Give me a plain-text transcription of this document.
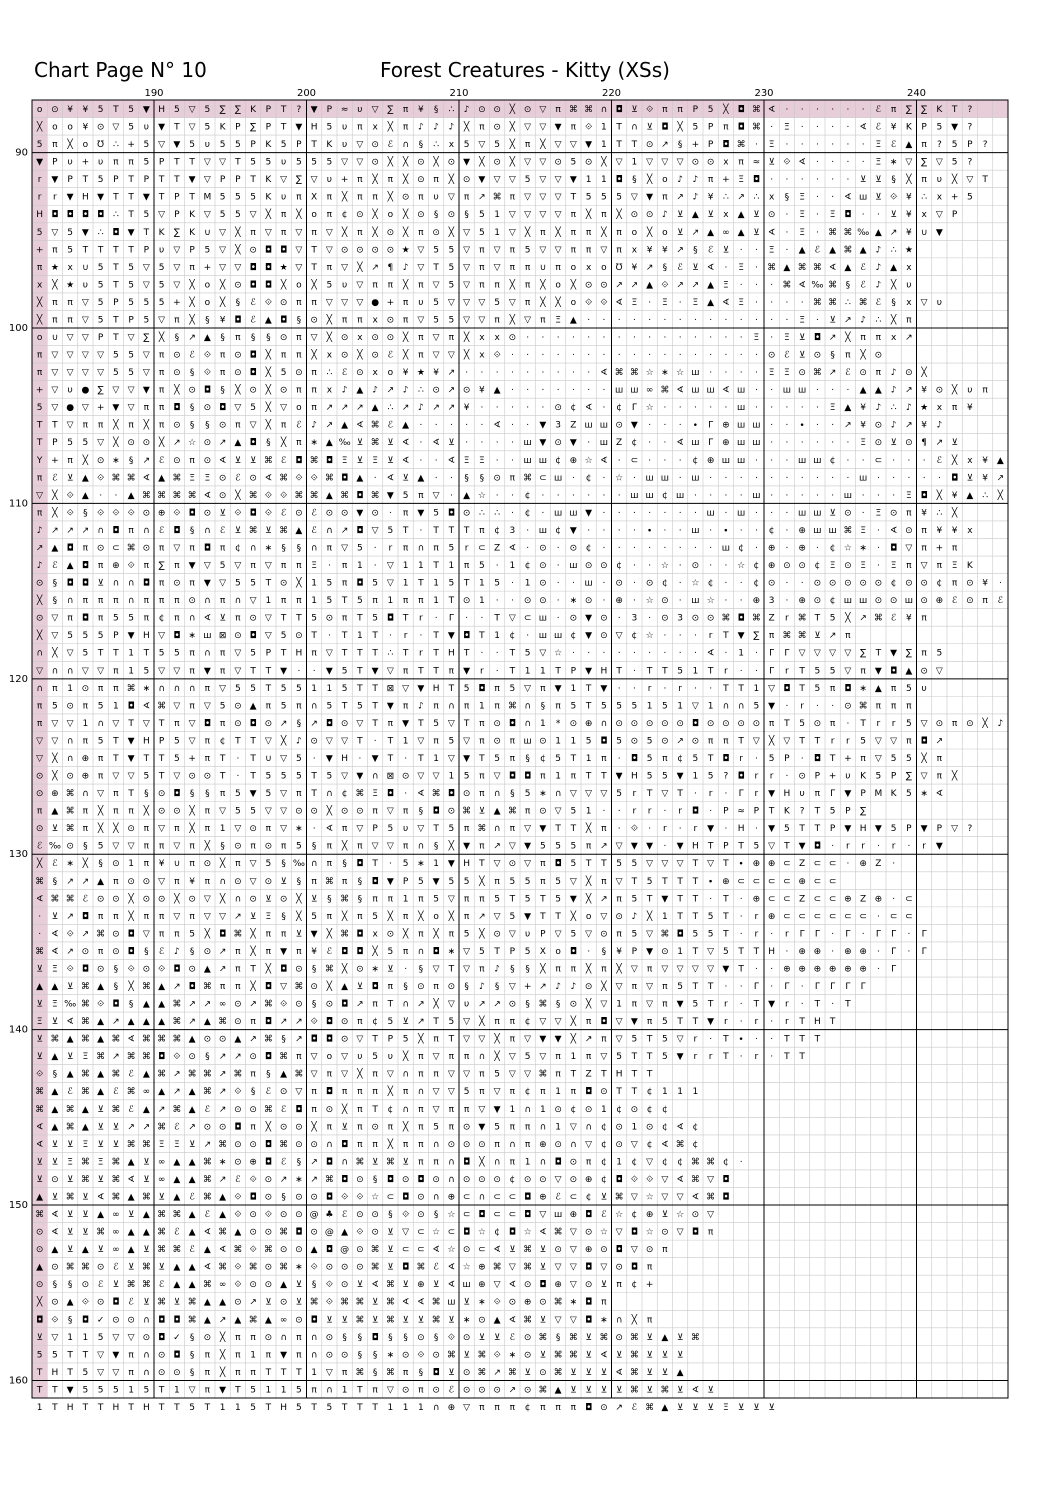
Chart Page N° 10	Forest Creatures - Kitty (XSs)
190	200	210	220	230	240
90
100
110
120
130
140
150
160
o ⊙ ¥ ¥ 5 T 5 ▼ H 5 ▽ 5 ∑ ∑ K P T ? ▼ P ≈ υ ▽ ∑ π ¥ § ∴ ♪ ⊙ ⊙ ╳ ⊙ ▽ π ⌘ ⌘ ∩ ◘ ⊻ ⟐ π π P 5 ╳ ◘ ⌘ ∢ · · · · · · ℰ π ∑ ∑ K T ?
╳ o o ¥ ⊙ ▽ 5 υ ▼ T ▽ 5 K P ∑ P T ▼ H 5 υ π x ╳ π ♪ ♪ ♪ ╳ π ⊙ ╳ ▽ ▽ ▼ π ⟐ 1 T ∩ ⊻ ◘ ╳ 5 P π ◘ ⌘ · Ξ · · · · ∢ ℰ ¥ K P 5 ▼ ?
5 π ╳ o ℧ ∴ + 5 ▽ ▼ 5 υ 5 5 P K 5 P T K υ ▽ ⊙ ℰ ∩ § ∴ x 5 ▽ 5 ╳ π ╳ ▽ ▽ ▼ 1 T T ⊙ ↗ § + P ◘ ⌘ · Ξ · · · · · · Ξ ℰ ▲ π ? 5 P ?
▼ P υ + υ π π 5 P T T ▽ ▽ T 5 5 υ 5 5 5 ▽ ▽ ⊙ ╳ ╳ ⊙ ╳ ⊙ ▼ ╳ ⊙ ╳ ▽ ▽ ⊙ 5 ⊙ ╳ ▽ 1 ▽ ▽ ▽ ⊙ ⊙ x π ≈ ⊻ ⟐ ∢ · · · · Ξ ∗ ▽ ∑ ▽ 5 ?
r ▼ P T 5 P T P T T ▼ ▽ P P T K ▽ ∑ ▽ υ + π ╳ π ╳ ⊙ π ╳ ⊙ ▼ ▽ ▽ 5 ▽ ▽ ▼ 1 1 ◘ § ╳ o ♪ ♪ π + Ξ ◘ · · · · · · ⊻ ⊻ § ╳ π υ ╳ ▽ T
r r ▼ H ▼ T T ▼ T P T M 5 5 5 K υ π X π ╳ π π ╳ ⊙ π υ ▽ π ↗ ⌘ π ▽ ▽ ▽ T 5 5 5 ▽ ▼ π ↗ ♪ ¥ ∴ ↗ ∴ x § Ξ · · ∢ ш ⊻ ⟐ ¥ ∴ x + 5
H ◘ ◘ ◘ ◘ ∴ T 5 ▽ P K ▽ 5 5 ▽ ╳ π ╳ o π ¢ ⊙ ╳ o ╳ ⊙ § ⊙ § 5 1 ▽ ▽ ▽ ▽ π ╳ π ╳ ⊙ ⊙ ♪ ⊻ ▲ ⊻ x ▲ ⊻ ⊙ · Ξ · Ξ ◘ · · ⊻ ¥ x ▽ P
5 ▽ 5 ▼ ∴ ◘ ▼ T K ∑ K ∪ ▽ ╳ π ▽ π ▽ π ▽ ╳ π ╳ ⊙ ╳ π ⊙ ╳ ▽ 5 1 ▽ ╳ π ╳ π π ╳ π o ╳ o ⊻ ↗ ▲ ∞ ▲ ⊻ ∢ · Ξ · ⌘ ⌘ ‰ ▲ ↗ ¥ ∪ ▼
+ π 5 T T T T P υ ▽ P 5 ▽ ╳ ⊙ ◘ ◘ ▽ T ▽ ⊙ ⊙ ⊙ ⊙ ★ ▽ 5 5 ▽ π ▽ π 5 ▽ ▽ π π ▽ π x ¥ ¥ ↗ § ℰ ⊻ · · Ξ · ▲ ℰ ▲ ⌘ ▲ ♪ ∴ ★
π ★ x ∪ 5 T 5 ▽ 5 ▽ π + ▽ ▽ ◘ ◘ ★ ▽ T π ▽ ╳ ↗ ¶ ♪ ▽ T 5 ▽ π ▽ π π ∪ π o x o ℧ ¥ ↗ § ℰ ⊻ ∢ · Ξ · ⌘ ▲ ⌘ ⌘ ∢ ▲ ℰ ♪ ▲ x
x ╳ ★ υ 5 T 5 ▽ 5 ▽ ╳ o ╳ ⊙ ◘ ◘ ╳ o ╳ 5 υ ▽ π π ╳ π ▽ 5 ▽ π π ╳ π ╳ o ╳ ⊙ ⊙ ↗ ↗ ▲ ⟐ ↗ ↗ ▲ Ξ · · · ⌘ ∢ ‰ ⌘ § ℰ ♪ ╳ υ
╳ π π ▽ 5 P 5 5 5 + ╳ o ╳ § ℰ ⟐ ⊙ π π ▽ ▽ ▽ ● + π υ 5 ▽ ▽ ▽ 5 ▽ π ╳ ╳ o ⟐ ⟐ ∢ Ξ · Ξ · Ξ ▲ ∢ Ξ · · · · ⌘ ⌘ ∴ ⌘ ℰ § x ▽ υ
╳ π π ▽ 5 T P 5 ▽ π ╳ § ¥ ◘ ℰ ▲ ◘ § ⊙ ╳ π π x ⊙ π ▽ 5 5 ▽ ▽ π ╳ ▽ π Ξ ▲ · · · · · · · · · · · · · · Ξ · ⊻ ↗ ♪ ∴ ╳ π
o ∪ ▽ ▽ P T ▽ ∑ ╳ § ↗ ▲ § π § § ⊙ π ▽ ╳ ⊙ x ⊙ ⊙ ╳ π ▽ π ╳ x x ⊙ · · · · · · · · · · · · · · · Ξ · Ξ ⊻ ◘ ↗ ╳ π π x ↗
π ▽ ▽ ▽ ▽ 5 5 ▽ π ⊙ ℰ ⟐ π ⊙ ◘ ╳ π π ╳ x ⊙ ╳ ⊙ ℰ ╳ π ▽ ▽ ╳ x ⟐ · · · · · · · · · · · · · · · · · ⊙ ℰ ⊻ ⊙ § π ╳ ⊙
π ▽ ▽ ▽ ▽ 5 5 ▽ π ⊙ § ⟐ π ⊙ ◘ ╳ 5 ⊙ π ∴ ℰ ⊙ x o ¥ ★ ¥ ↗ · · · · · · · · · ∢ ⌘ ⌘ ☆ ∗ ☆ ш · · · · Ξ Ξ ⊙ ⌘ ↗ ℰ ⊙ π ♪ ⊙ ╳
+ ▽ υ ● ∑ ▽ ▽ ▼ π ╳ ⊙ ◘ § ╳ ⊙ ╳ ⊙ π π x ♪ ▲ ♪ ↗ ♪ ∴ ⊙ ↗ ⊙ ¥ ▲ · · · · · · · ш ш ∞ ⌘ ∢ ш ш ∢ ш · · ш ш · · · ▲ ▲ ♪ ↗ ¥ ⊙ ╳ υ π
5 ▽ ● ▽ + ▼ ▽ π π ◘ § ⊙ ◘ ▽ 5 ╳ ▽ o π ↗ ↗ ↗ ▲ ∴ ↗ ♪ ↗ ↗ ¥ · · · · · ⊙ ¢ ∢ · ¢ Γ ☆ · · · · · ш · · · · · Ξ ▲ ¥ ♪ ∴ ♪ ★ x π ¥
T T ▽ π π ╳ π ╳ π ⊙ § § ⊙ π ▽ ╳ π ℰ ♪ ↗ ▲ ∢ ⌘ ℰ ▲ · · · · · ∢ · · ▼ 3 Z ш ш ⊙ ▼ · · · ∙ Γ ⊕ ш ш · · ∙ · · ↗ ¥ ⊙ ♪ ↗ ¥ ♪
T P 5 5 ▽ ╳ ⊙ ⊙ ╳ ↗ ☆ ⊙ ↗ ▲ ◘ § ╳ π ∗ ▲ ‰ ⊻ ⌘ ⊻ ∢ · ∢ ⊻ · · · · ш ▼ ⊙ ▼ · ш Z ¢ · · ∢ ш Γ ⊕ ш ш · · · · · · Ξ ⊙ ⊻ ⊙ ¶ ↗ ⊻
Υ + π ╳ ⊙ ∗ § ↗ ℰ ⊙ π ⊙ ∢ ⊻ ⊻ ⌘ ℰ ◘ ⌘ ◘ Ξ ⊻ Ξ ⊻ ∢ · · ∢ Ξ Ξ · · ш ш ¢ ⊕ ☆ ∢ · ⊂ · · · ¢ ⊕ ш ш · · · ш ш ¢ · · ⊂ · · · ℰ ╳ x ¥ ▲
π ℰ ⊻ ▲ ⟐ ⌘ ⌘ ∢ ▲ ⌘ Ξ Ξ ⊙ ℰ ⊙ ∢ ⌘ ⟐ ⟐ ⌘ ◘ ▲ · ∢ ⊻ ▲ · · § § ⊙ π ⌘ ⊂ ш · ¢ · ☆ · ш ш · ш · · · · · · · · · · ш · · · · · ◘ ⊻ ¥ ↗
▽ ╳ ⟐ ▲ · · ▲ ⌘ ⌘ ⌘ ⌘ ∢ ⊙ ╳ ⌘ ⟐ ⟐ ⌘ ⌘ ▲ ⌘ ◘ ⌘ ▼ 5 π ▽ · ▲ ☆ · · ¢ · · · · · · ш ш ¢ ш · · · · ш · · · · · ш · · · Ξ ◘ ╳ ¥ ▲ ∴ ╳
π ╳ ⟐ § ⟐ ⟐ ⟐ ⊙ ⊕ ⟐ ◘ ⊙ ⊻ ⟐ ◘ ⟐ ℰ ⊙ ℰ ⊙ ⊙ ▼ ⊙ · π ▼ 5 ◘ ⊙ ∴ ∴ · ¢ · ш ш ▼ · · · · · · · ш · ш · · · ш ш ⊻ ⊙ · Ξ ⊙ π ¥ ∴ ╳
♪ ↗ ↗ ↗ ∩ ◘ π ∩ ℰ ◘ § ∩ ℰ ⊻ ⌘ ⊻ ⌘ ▲ ℰ ∩ ↗ ◘ ▽ 5 T · T T T π ¢ 3 · ш ¢ ▼ · · · · ∙ · · ш · ∙ · · ¢ · ⊕ ш ш ⌘ Ξ · ∢ ⊙ π ¥ ¥ x
↗ ▲ ◘ π ⊙ ⊂ ⌘ ⊙ π ▽ π ◘ π ¢ ∩ ∗ § § ∩ π ▽ 5 · r π ∩ π 5 r ⊂ Z ∢ · ⊙ · ⊙ ¢ · · · · · · · · ш ¢ · ⊕ · ⊕ · ¢ ☆ ∗ · ◘ ▽ π + π
♪ ℰ ▲ ◘ π ⊕ ⟐ π ∑ π ▼ ▽ 5 ▽ π ▽ π π Ξ · π 1 · ▽ 1 1 T 1 π 5 · 1 ¢ ⊙ · ш ⊙ ⊙ ¢ · · ☆ · ⊙ · · ☆ ¢ ⊕ ⊙ ⊙ ¢ Ξ ⊙ Ξ · Ξ π ▽ π Ξ K
⊙ § ◘ ◘ ⊻ ∩ ∩ ◘ π ⊙ π ▼ ▽ 5 5 T ⊙ ╳ 1 5 π ◘ 5 ▽ 1 T 1 5 T 1 5 · 1 ⊙ · · ш · ⊙ · ⊙ ¢ · ☆ ¢ · · ¢ ⊙ · · ⊙ ⊙ ⊙ ⊙ ⊙ ¢ ⊙ ⊙ ¢ π ⊙ ¥ ·
╳ § ∩ π π π ∩ π π π ⊙ ∩ π ∩ ▽ 1 π π 1 5 T 5 π 1 π π 1 T ⊙ 1 · · ⊙ ⊙ · ∗ ⊙ · ⊕ · ☆ ⊙ · ш ☆ · · ⊕ 3 · ⊕ ⊙ ¢ ш ш ⊙ ⊙ ш ⊙ ⊕ ℰ ⊙ π ℰ
⊙ ▽ π ◘ π 5 5 π ¢ π ∩ ∢ ⊻ π ⊙ ▽ T T 5 ⊙ π T 5 ◘ T r · Γ · · T ▽ ⊂ ш · ⊙ ▼ ⊙ · 3 · ⊙ 3 ⊙ ⊙ ⌘ ◘ ⌘ Z r ⌘ T 5 ╳ ↗ ⌘ ℰ ¥ π
╳ ▽ 5 5 5 P ▼ H ▽ ◘ ∗ ш ⊠ ⊙ ◘ ▽ 5 ⊙ T · T 1 T · r · T ▼ ◘ T 1 ¢ · ш ш ¢ ▼ ⊙ ▽ ¢ ☆ · · · r T ▼ ∑ π ⌘ ⌘ ⊻ ↗ π
∩ ╳ ▽ 5 T T 1 T 5 5 π ∩ π ▽ 5 P T H π ▽ T T T ∴ T r T H T · · T 5 ▽ ☆ · · · · · · · · · ∢ · 1 · Γ Γ ▽ ▽ ▽ ▽ ∑ T ▼ ∑ π 5
▽ ∩ ∩ ▽ ▽ π 1 5 ▽ ▽ π ▼ π ▽ T T ▼ · · ▼ 5 T ▼ ▽ π T T π ▼ r · T 1 1 T P ▼ H T · T T 5 1 T r · · Γ r T 5 5 ▽ π ▼ ◘ ▲ ⊙ ▽
∩ π 1 ⊙ π π ⌘ ∗ ∩ ∩ ∩ π ▽ 5 5 T 5 5 1 1 5 T T ⊠ ▽ ▼ H T 5 ◘ π 5 ▽ π ▼ 1 T ▼ · · r · r · · T T 1 ▽ ◘ T 5 π ◘ ∗ ▲ π 5 υ
π 5 ⊙ π 5 1 ◘ ∢ ⌘ ▽ π ▽ 5 ⊙ ▲ π 5 π ∩ 5 T 5 T ▼ π ♪ π ∩ π 1 π ⌘ ∩ § π 5 T 5 5 5 1 5 1 ▽ 1 ∩ ∩ 5 ▼ · r · · ⊙ ⌘ π π π
π ▽ ▽ 1 ∩ ▽ T ▽ T π ▽ ◘ π ⊙ ◘ ⊙ ↗ § ↗ ◘ ⊙ ▽ T π ▼ T 5 ▽ T π ⊙ ◘ ∩ 1 * ⊙ ⊕ ∩ ⊙ ⊙ ⊙ ⊙ ⊙ ◘ ⊙ ⊙ ⊙ ⊙ π T 5 ⊙ π · T r r 5 ▽ ⊙ π ⊙ ╳ ♪
▽ ▽ ∩ π 5 T ▼ H P 5 ▽ π ¢ T T ▽ ╳ ♪ ⊙ ▽ ▽ T · T 1 ▽ π 5 ▽ π ⊙ π ш ⊙ 1 1 5 ◘ 5 ⊙ 5 ⊙ ↗ ⊙ π π T ▽ ╳ ▽ T T r r 5 ▽ ▽ π ◘ ↗
▽ ╳ ∩ ⊕ π T ▼ T T 5 + π T · T ∪ ▽ 5 · ▼ H · ▼ T · T 1 ▽ ▼ T 5 π § ¢ 5 T 1 π · ◘ 5 π ¢ 5 T ◘ r · 5 P · ◘ T + π ▽ 5 5 ╳ π
⊙ ╳ ⊙ ⊕ π ▽ ▽ 5 T ▽ ⊙ ⊙ T · T 5 5 5 T 5 ▽ ▼ ∩ ⊠ ⊙ ▽ ▽ 1 5 π ▽ ◘ ◘ π 1 π T T ▼ H 5 5 ▼ 1 5 ? ◘ r r · ⊙ P + υ K 5 P ∑ ▽ π ╳
⊙ ⊕ ⌘ ∩ ▽ π T § ⊙ ◘ § § π 5 ▼ 5 ▽ π T ∩ ¢ ⌘ Ξ ◘ · ∢ ⌘ ◘ ⊙ π ∩ § 5 ∗ ∩ ▽ ▽ ▽ 5 r T ▽ T · r · Γ r ▼ H υ π Γ ▼ P M K 5 ∗ ∢
π ▲ ⌘ π ╳ π π ╳ ⊙ ⊙ ╳ π ▽ 5 5 ▽ ▽ ⊙ ⊙ ╳ ⊙ ⊙ π ▽ π § ◘ ⊙ ⌘ ⊻ ▲ ⌘ π ⊙ ▽ 5 1 · · r r · r ◘ · P ≈ P T K ? T 5 P ∑
⊙ ⊻ ⌘ π ╳ ╳ ⊙ π ▽ π ╳ π 1 ▽ ⊙ π ▽ ∗ · ∢ π ▽ P 5 υ ▽ T 5 π ⌘ ∩ π ▽ ▼ T T ╳ π · ⟐ · r · r ▼ · H · ▼ 5 T T P ▼ H ▼ 5 P ▼ P ▽ ?
ℰ ‰ ⊙ § 5 ▽ ▽ π π ▽ π ╳ § ⊙ π ⊙ π 5 § π ╳ π ▽ ▽ π ∩ § ╳ ▼ π ↗ ▽ ▼ 5 5 5 π ↗ ▽ ▼ ▼ · ▼ H T P T 5 ▽ T ▼ ◘ · r r · r · r ▼
╳ ℰ ∗ ╳ § ⊙ 1 π ¥ ∪ π ⊙ ╳ π ▽ 5 § ‰ ∩ π § ◘ T · 5 ∗ 1 ▼ H T ▽ ⊙ ▽ π ◘ 5 T T 5 5 ▽ ▽ ▽ T ▽ T ∙ ⊕ ⊕ ⊂ Z ⊂ ⊂ · ⊕ Z ·
⌘ § ↗ ↗ ▲ π ⊙ ⊙ ▽ π ¥ π ∩ ⊙ ▽ ⊙ ⊻ § π ⌘ π § ◘ ▼ P 5 ▼ 5 5 ╳ π 5 5 π 5 ▽ ╳ π ▽ T 5 T T T ∙ ⊕ ⊂ ⊂ ⊂ ⊂ ⊕ ⊂ ⊂
∢ ⌘ ⌘ ℰ ⊙ ⊙ ╳ ⊙ ⊙ ╳ ⊙ ▽ ╳ ∩ ⊙ ⊻ ⊙ ╳ ⊻ § ⌘ § π π 1 π 5 ▽ π π 5 T 5 T 5 ▼ ╳ ↗ π 5 T ▼ T T · T · ⊕ ⊂ ⊂ Z ⊂ ⊂ ⊕ Z ⊕ · ⊂
· ⊻ ↗ ◘ π π ╳ π π ▽ π ▽ ▽ ↗ ⊻ Ξ § ╳ 5 π ╳ π 5 ╳ π ╳ o ╳ π ↗ ▽ 5 ▼ T T ╳ o ▽ ⊙ ♪ ╳ 1 T T 5 T · r ⊕ ⊂ ⊂ ⊂ ⊂ ⊂ ⊂ · ⊂ ⊂
· ∢ ⟐ ↗ ⌘ ⊙ ◘ ▽ π π 5 ╳ ◘ ⌘ ╳ π π ⊻ ▼ ╳ ⌘ ◘ x ⊙ ╳ π ╳ π 5 ╳ ⊙ ▽ υ P ▽ 5 ▽ ⊙ π 5 ▽ ⌘ ◘ 5 5 T · r · r Γ Γ · Γ · Γ Γ · Γ
⌘ ∢ ↗ ⊙ π ⊙ ◘ § ℰ ♪ § ⊙ ↗ π ╳ π ▼ π ¥ ℰ ◘ ◘ ╳ 5 π ∩ ◘ ∗ ▽ 5 T P 5 X o ◘ · § ¥ P ▼ ⊙ 1 T ▽ 5 T T H · ⊕ ⊕ · ⊕ ⊕ · Γ · Γ
⊻ Ξ ⟐ ◘ ⊙ § ⟐ ⊙ ⟐ ◘ ⊙ ▲ ↗ π T ╳ ◘ ⊙ § ⌘ ╳ ⊙ ∗ ⊻ · § ▽ T ▽ π ♪ § § ╳ π π ╳ π ╳ ▽ π ▽ ▽ ▽ ▽ ▼ T · · ⊕ ⊕ ⊕ ⊕ ⊕ ⊕ · Γ
▲ ▲ ⊻ ⌘ ▲ § ╳ ⌘ ▲ ↗ ◘ ⌘ π π ╳ ◘ ▽ ⌘ ⊙ ╳ ▲ ⊻ ◘ π § ⊙ π ⊙ § ♪ § ▽ + ↗ ♪ ♪ ⊙ ╳ ▽ π ▽ π 5 T T · · Γ · Γ · Γ Γ Γ Γ
⊻ Ξ ‰ ⌘ ⟐ ◘ § ▲ ▲ ⌘ ↗ ↗ ∞ ⊙ ↗ ⌘ ⟐ ⊙ § ⊙ ◘ ↗ π T ∩ ↗ ╳ ▽ υ ↗ ↗ ⊙ § ⌘ § ⊙ ╳ ▽ 1 π ▽ π ▼ 5 T r · T ▼ r · T · T
Ξ ⊻ ∢ ⌘ ▲ ↗ ▲ ▲ ▲ ⌘ ↗ ▲ ⌘ ⊙ π ◘ ↗ ↗ ⟐ ◘ ⊙ π ¢ 5 ⊻ ↗ T 5 ▽ ╳ π π ¢ ▽ ▽ ╳ π ◘ ▽ ▼ π 5 T T ▼ r · r · r T H T
⊻ ⌘ ▲ ⌘ ▲ ⌘ ∢ ⌘ ⌘ ⌘ ▲ ⊙ ⊙ ▲ ↗ ⌘ § ↗ ◘ ◘ ⊙ ▽ T P 5 ╳ π T ▽ ▽ ╳ π ▽ ▼ ▼ ╳ ↗ π ▽ 5 T 5 ▽ r · T ∙ · · T T T
⊻ ▲ ⊻ Ξ ⌘ ↗ ⌘ ⌘ ◘ ⟐ ⊙ § ↗ ↗ ⊙ ◘ ⌘ π ▽ ο ▽ υ 5 υ ╳ π ▽ π π ∩ ╳ ▽ 5 ▽ π 1 π ▽ 5 T T 5 ▼ r r T · r · T T
⟐ § ▲ ⌘ ▲ ⌘ ℰ ▲ ⌘ ↗ ⌘ ⌘ ↗ ⌘ π § ▲ ⌘ ▽ π ▽ ╳ π ▽ ∩ π π ▽ ▽ π 5 ▽ ▽ ⌘ π T Z T H T T
⌘ ▲ ℰ ⌘ ▲ ℰ ⌘ ∞ ▲ ↗ ▲ ⌘ ↗ ⟐ § ℰ ⊙ ▽ π ◘ π π π ╳ π ∩ ▽ ▽ 5 π ▽ π ¢ π 1 π ◘ ⊙ T T ¢ 1 1 1
⌘ ▲ ⌘ ▲ ⊻ ⌘ ℰ ▲ ↗ ⌘ ▲ ℰ ↗ ⊙ ⊙ ⌘ ℰ ◘ π ⊙ ╳ π T ¢ ∩ π ▽ π π ▽ ▼ 1 ∩ 1 ⊙ ¢ ⊙ 1 ¢ ⊙ ¢ ¢
∢ ▲ ⌘ ▲ ⊻ ⊻ ↗ ↗ ⌘ ℰ ↗ ⊙ ⊙ ◘ π ╳ ⊙ ⊙ ╳ π ⊻ π ⊙ π ╳ π 5 π ⊙ ▼ 5 π π ∩ 1 ▽ ∩ ¢ ⊙ 1 ⊙ ¢ ∢ ¢
∢ ⊻ ⊻ Ξ ⊻ ⊻ ⌘ ⌘ Ξ Ξ ⊻ ↗ ⌘ ⊙ ⊙ ◘ ⌘ ⊙ ⊙ ∩ ◘ π π ╳ π π ∩ ⊙ ⊙ ⊙ π ∩ π ⊕ ⊙ ∩ ▽ ¢ ⊙ ▽ ¢ ∢ ⌘ ¢
⊻ ⊻ Ξ ⌘ Ξ ⌘ ▲ ⊻ ∞ ▲ ▲ ⌘ ∗ ⊙ ⊕ ◘ ℰ § ↗ ◘ ∩ ⌘ ⊻ ⌘ ⊻ π π ∩ ◘ ╳ ∩ π 1 ∩ ◘ ⊙ π ¢ 1 ¢ ▽ ¢ ¢ ⌘ ⌘ ¢ ·
⊻ ⊙ ⊻ ⌘ ⊻ ⌘ ∢ ⊻ ∞ ▲ ▲ ⌘ ↗ ℰ ⟐ ⊙ ↗ ∗ ↗ ⌘ ◘ ⊙ § ◘ ⊙ ◘ ⊙ ∩ ⊙ ⊙ ⊙ ¢ ⊙ ⊙ ▽ ⊙ ⊕ ¢ ◘ ⟐ ⟐ ▽ ∢ ⌘ ▽ ◘
▲ ⊻ ⌘ ⊻ ∢ ⌘ ▲ ⌘ ⊻ ▲ ℰ ⌘ ▲ ⟐ ◘ ⊙ § ⊙ ⊙ ◘ ⟐ ⟐ ☆ ⊂ ◘ ⊙ ∩ ⊕ ⊂ ∩ ⊂ ⊂ ◘ ⊕ ℰ ⊂ ¢ ⊻ ⌘ ▽ ☆ ▽ ▽ ∢ ⌘ ◘
⌘ ∢ ⊻ ⊻ ▲ ∞ ⊻ ▲ ⌘ ⌘ ▲ ℰ ▲ ⟐ ⊙ ⟐ ⊙ ⊙ @ ♣ ℰ ⊙ ⊙ § ⟐ ⊙ § ☆ ⊂ ◘ ⊂ ⊂ ◘ ▽ ш ⊕ ◘ ℰ ☆ ¢ ⊕ ⊻ ☆ ⊙ ▽
⊙ ∢ ⊻ ⊻ ⌘ ∞ ▲ ▲ ⌘ ℰ ▲ ∢ ⌘ ▲ ⊙ ⊙ ⌘ ◘ ⊙ @ ▲ ⟐ ⊙ ⊻ ▽ ⊂ ☆ ⊂ ◘ ☆ ¢ ◘ ☆ ∢ ⌘ ▽ ⊙ ☆ ▽ ◘ ☆ ⊙ ▽ ◘ π
⊙ ▲ ⊻ ▲ ⊻ ∞ ▲ ⊻ ⌘ ⌘ ℰ ▲ ∢ ⌘ ⟐ ⌘ ⊙ ⊙ ▲ ◘ @ ⊙ ⌘ ⊻ ⊂ ⊂ ∢ ☆ ⊙ ⊂ ∢ ⊻ ⌘ ⊻ ⊙ ▽ ⊕ ⊙ ◘ ▽ ⊙ π
▲ ⊙ ⌘ ⌘ ⊙ ℰ ⊻ ⌘ ⊻ ▲ ▲ ∢ ⌘ ⟐ ⌘ ⊙ ⌘ ∗ ⟐ ⊙ ⊙ ⊙ ⌘ ⊻ ◘ ⌘ ℰ ∢ ☆ ⊕ ⌘ ▽ ⌘ ⊻ ▽ ▽ ◘ ▽ ⊙ ◘ π
⊙ § § ⊙ ℰ ⊻ ⌘ ⌘ ℰ ▲ ▲ ⌘ ∞ ⟐ ⊙ ⊙ ▲ ⊻ § ⟐ ⊙ ⊻ ∢ ⌘ ⊻ ⊕ ⊻ ∢ ш ⊕ ▽ ∢ ⊙ ◘ ⊕ ▽ ⊙ ⊻ π ¢ +
╳ ⊙ ▲ ⟐ ⊙ ◘ ℰ ⊻ ⌘ ⊻ ⌘ ▲ ▲ ⊙ ↗ ⊻ ⊙ ⊻ ⌘ ⟐ ⌘ ⌘ ⊻ ⌘ ∢ ∢ ⌘ ш ⊻ ∗ ⟐ ⊙ ⊕ ⊙ ⌘ ∗ ◘ π
◘ ⟐ § ◘ ✓ ⊙ ⊙ ∩ ◘ ◘ ⌘ ▲ ↗ ▲ ⌘ ▲ ∞ ⊙ ◘ ⊻ ⊻ ⌘ ⊻ ⌘ ⊻ ⊻ ⌘ ⊻ ∗ ⊙ ▲ ∢ ⌘ ⊻ ▽ ▽ ◘ ∗ ∩ ╳ π
⊻ ▽ 1 1 5 ▽ ▽ ⊙ ◘ ✓ § ⊙ ╳ π π ⊙ ∩ π ∩ ⊙ § § ◘ § § ⊙ § ⟐ ⊙ ⊻ ⊻ ℰ ⊙ ⌘ § ⌘ ⊻ ⌘ ⊙ ⌘ ⊻ ▲ ⊻ ⌘
5 5 T T ▽ ▼ π ∩ ⊙ ◘ § π ╳ π 1 π ▼ π ∩ ⊙ ⊙ § § ∗ ⊙ ⟐ ⊙ ⌘ ⊻ ⌘ ⟐ ∗ ⊙ ⊻ ⌘ ⌘ ⊻ ∢ ⊻ ⌘ ⊻ ⊻ ⊻
T H T 5 ▽ ▽ π ∩ ⊙ ⊙ § π ╳ π π T T T 1 ▽ π ⌘ § ⌘ π § ◘ ⊻ ⊙ ⌘ ↗ ⌘ ⊻ ⊙ ⌘ ⊻ ⊻ ⊻ ∢ ⌘ ⊻ ⊻ ▲
T T ▼ 5 5 5 1 5 T 1 ▽ π ▼ T 5 1 1 5 π ∩ 1 T π ▽ ⊙ π ⊙ ℰ ⊙ ⊙ ⊙ ↗ ⊙ ⌘ ▲ ⊻ ⊻ ⊻ ⊻ ⌘ ⊻ ⌘ ⊻ ∢ ⊻
1 T H T T H T H T T 5 T 1 1 5 T H 5 T 5 T T T 1 1 1 ∩ ⊕ ▽ π π π ¢ π π π ◘ ⊙ ↗ ℰ ⌘ ▲ ⊻ ⊻ ⊻ Ξ ⊻ ⊻ ⊻
